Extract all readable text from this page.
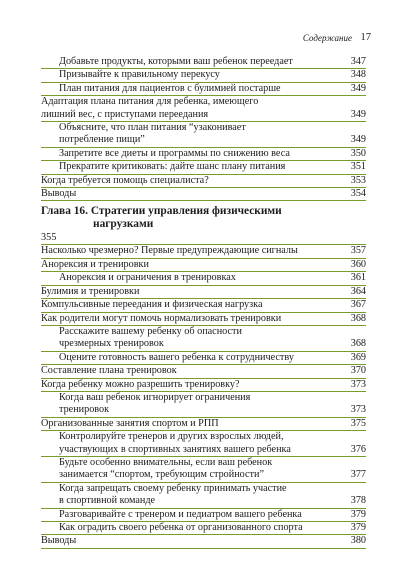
Содержание 17
Добавьте продукты, которыми ваш ребенок переедает	347
Призывайте к правильному перекусу	348
План питания для пациентов с булимией постарше	349
Адаптация плана питания для ребенка, имеющего
лишний вес, с приступами переедания	349
Объясните, что план питания “узаконивает
потребление пищи”	349
Запретите все диеты и программы по снижению веса	350
Прекратите критиковать: дайте шанс плану питания	351
Когда требуется помощь специалиста?	353
Выводы	354
Глава 16. Стратегии управления физическими
нагрузками
355
Насколько чрезмерно? Первые предупреждающие сигналы	357
Анорексия и тренировки	360
Анорексия и ограничения в тренировках	361
Булимия и тренировки	364
Компульсивные переедания и физическая нагрузка	367
Как родители могут помочь нормализовать тренировки	368
Расскажите вашему ребенку об опасности
чрезмерных тренировок	368
Оцените готовность вашего ребенка к сотрудничеству	369
Составление плана тренировок	370
Когда ребенку можно разрешить тренировку?	373
Когда ваш ребенок игнорирует ограничения
тренировок	373
Организованные занятия спортом и РПП	375
Контролируйте тренеров и других взрослых людей,
участвующих в спортивных занятиях вашего ребенка	376
Будьте особенно внимательны, если ваш ребенок
занимается “спортом, требующим стройности”	377
Когда запрещать своему ребенку принимать участие
в спортивной команде	378
Разговаривайте с тренером и педиатром вашего ребенка	379
Как оградить своего ребенка от организованного спорта	379
Выводы	380
